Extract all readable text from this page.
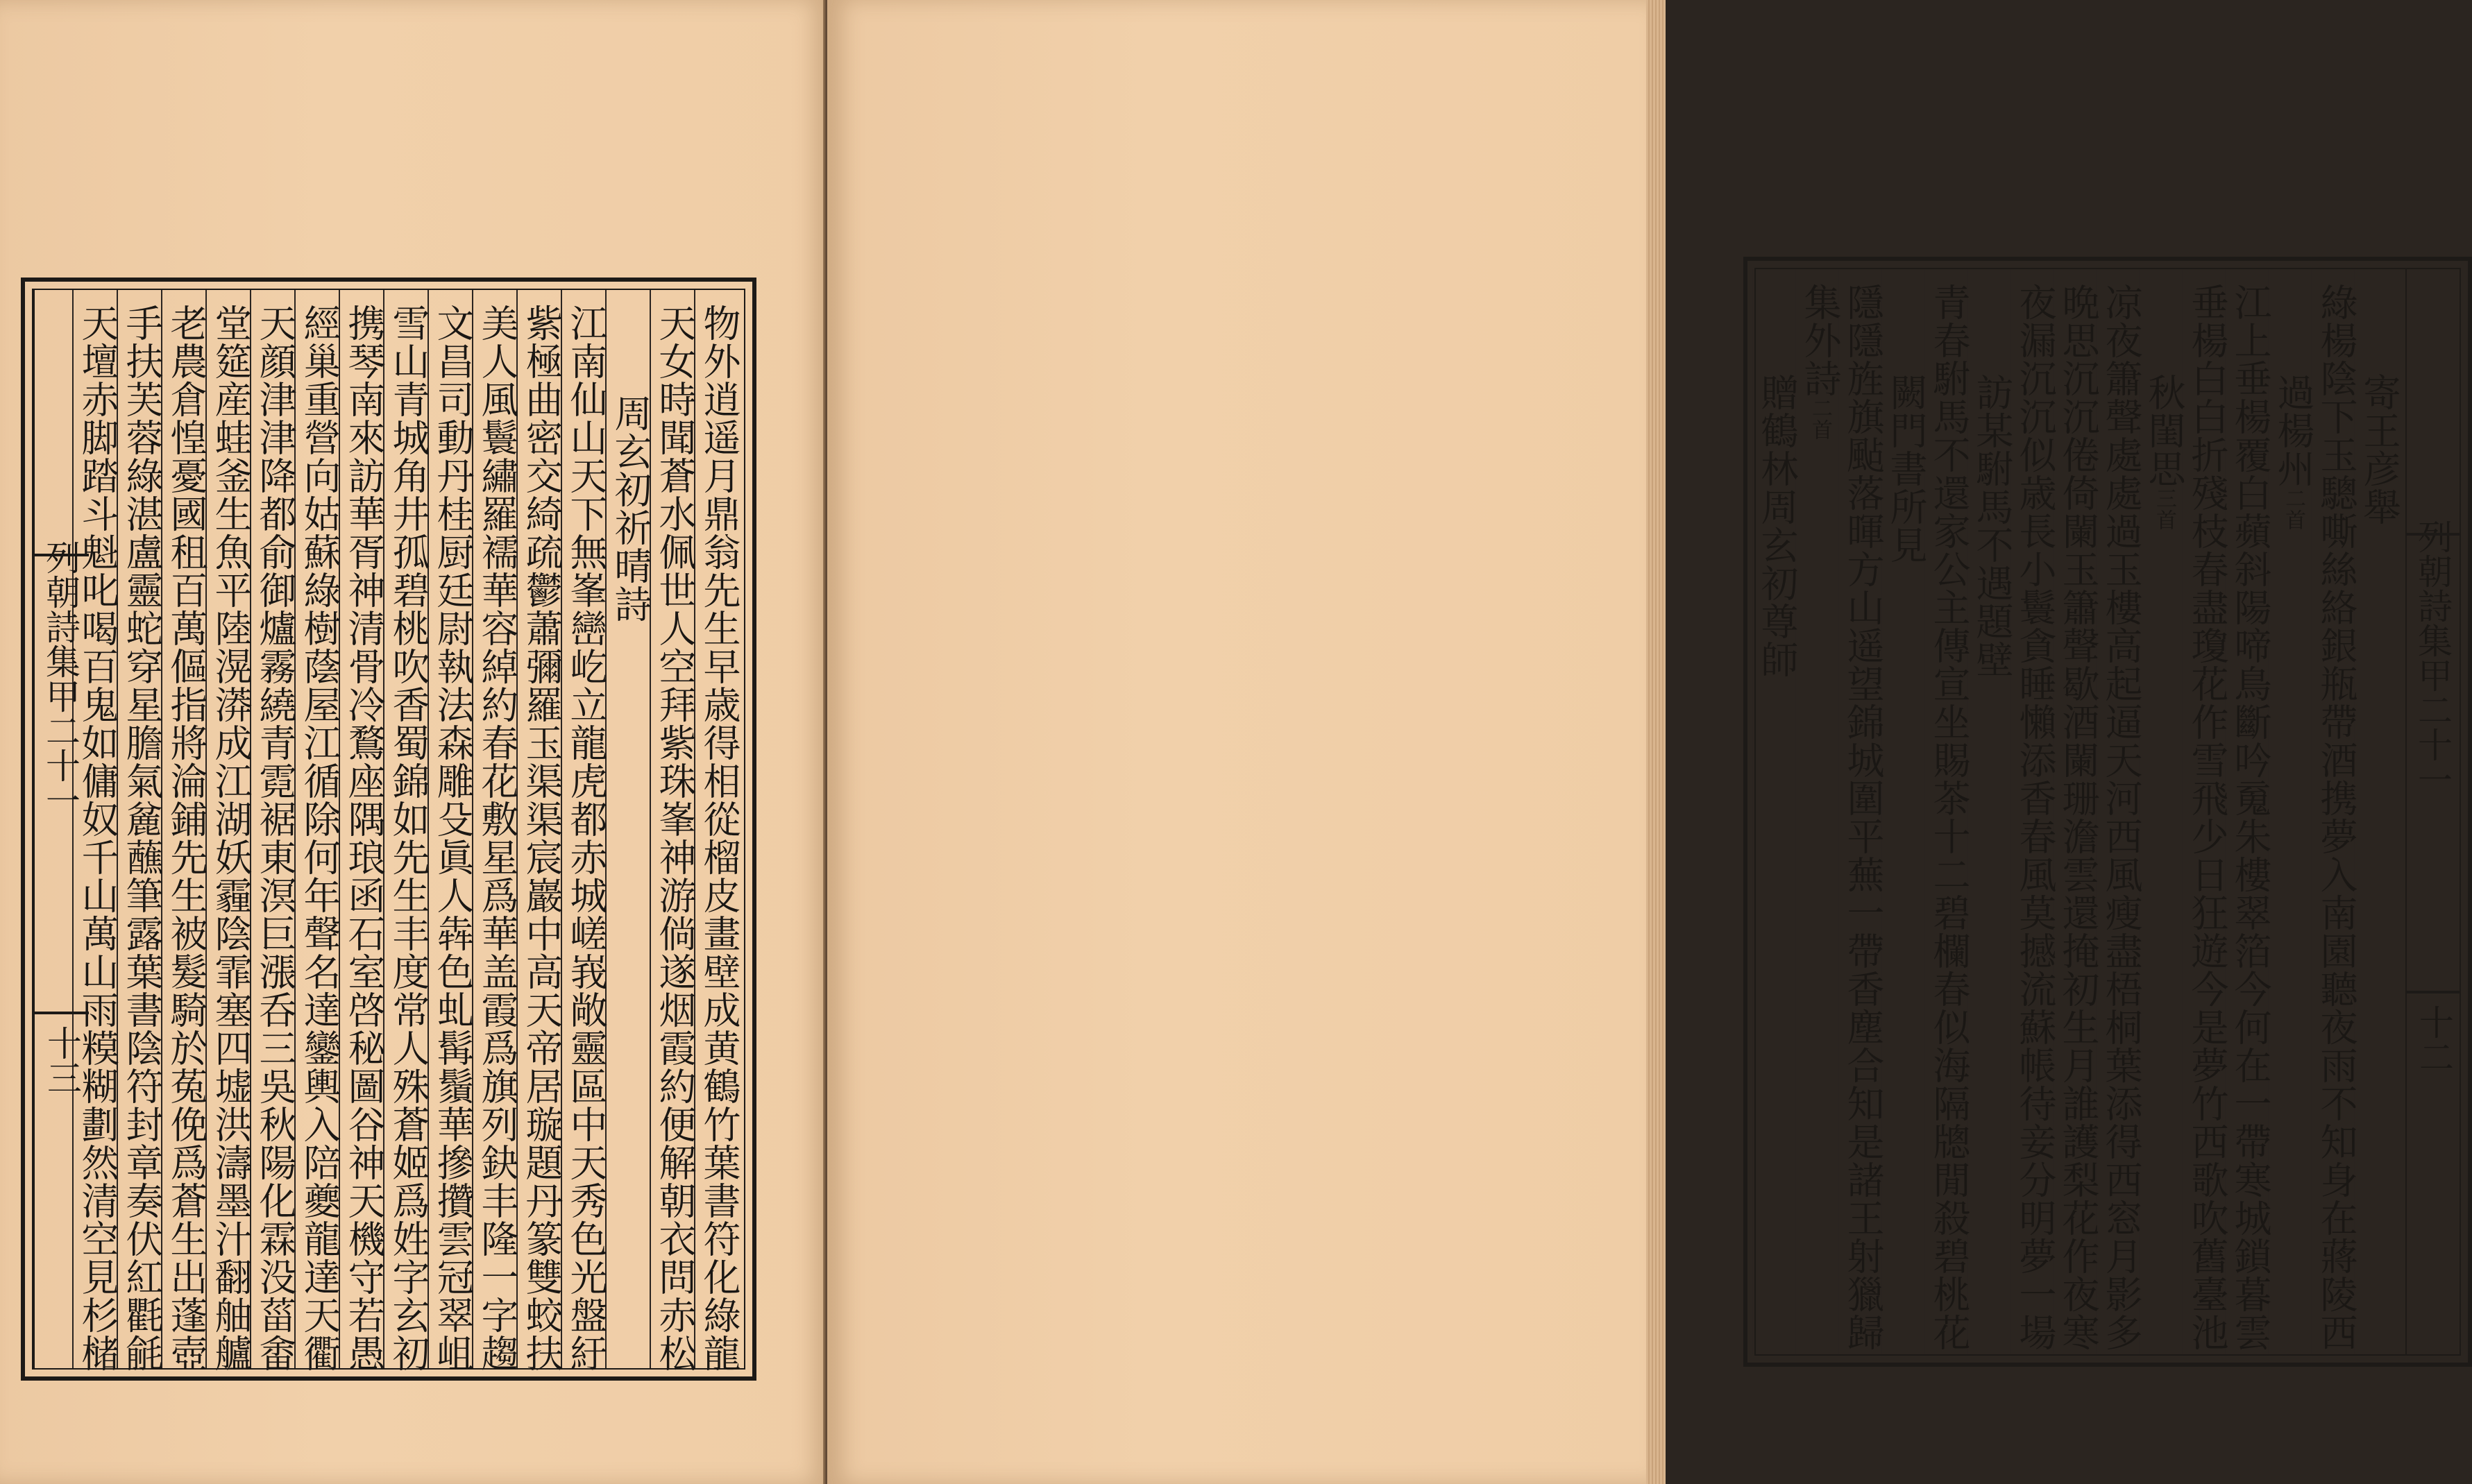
物外逍遥月鼎翁先生早歳得相從榴皮畫壁成黄鶴竹葉書符化綠龍
天女時聞蒼水佩世人空拜紫珠峯神游倘遂烟霞約便解朝衣問赤松
周玄初祈晴詩
江南仙山天下無峯巒屹立龍虎都赤城嵯峩敞靈區中天秀色光盤紆
紫極曲密交綺疏鬱蕭彌羅玉渠渠宸巖中高天帝居璇題丹篆雙蛟扶
美人風鬟繡羅襦華容綽約春花敷星爲華盖霞爲旗列鈌丰隆一字趨
文昌司動丹桂厨廷尉執法森雕殳眞人犇色虬髯鬚華摻攢雲冠翠岨
雪山青城角井孤碧桃吹香蜀錦如先生丰度常人殊蒼姬爲姓字玄初
携琴南來訪華胥神清骨冷鶩座隅琅函石室啓秘圖谷神天機守若愚
經巢重營向姑蘇綠樹蔭屋江循除何年聲名達鑾輿入陪夔龍達天衢
天顔津津降都俞御爐霧繞青霓裾東溟巨漲呑三吳秋陽化霖没菑畬
堂筵産蛙釜生魚平陸滉漭成江湖妖霾陰霏塞四墟洪濤墨汁翻舳艫
老農倉惶憂國租百萬傴指將淪鋪先生被髮騎於菟俛爲蒼生出蓬壺
手扶芙蓉綠湛盧靈蛇穿星膽氣麄蘸筆露葉書陰符封章奏伏紅氍毹
天壇赤脚踏斗魁叱喝百鬼如傭奴千山萬山雨糢糊劃然清空見杉槠
列朝詩集甲二十一
十三
列朝詩集甲二十一
十二
寄王彦舉
綠楊陰下玉驄嘶絲絡銀瓶帶酒携夢入南園聽夜雨不知身在蔣陵西
過楊州二首
江上垂楊覆白蘋斜陽啼鳥斷吟䰟朱樓翠箔今何在一帶寒城鎖暮雲
垂楊白白折殘枝春盡瓊花作雪飛少日狂遊今是夢竹西歌吹舊臺池
秋閨思三首
凉夜簫聲處處過玉樓高起逼天河西風瘦盡梧桐葉添得西窓月影多
晩思沉沉倦倚闌玉簫聲歇酒闌珊澹雲還掩初生月誰護梨花作夜寒
夜漏沉沉似歳長小鬟貪睡懶添香春風莫撼流蘇帳待妾分明夢一場
訪某駙馬不遇題壁
青春駙馬不還家公主傳宣坐賜茶十二碧欄春似海隔牕閒殺碧桃花
闕門書所見
隱隱旌旗颭落暉方山遥望錦城圍平蕪一帶香塵合知是諸王射獵歸
集外詩二首
贈鶴林周玄初尊師
